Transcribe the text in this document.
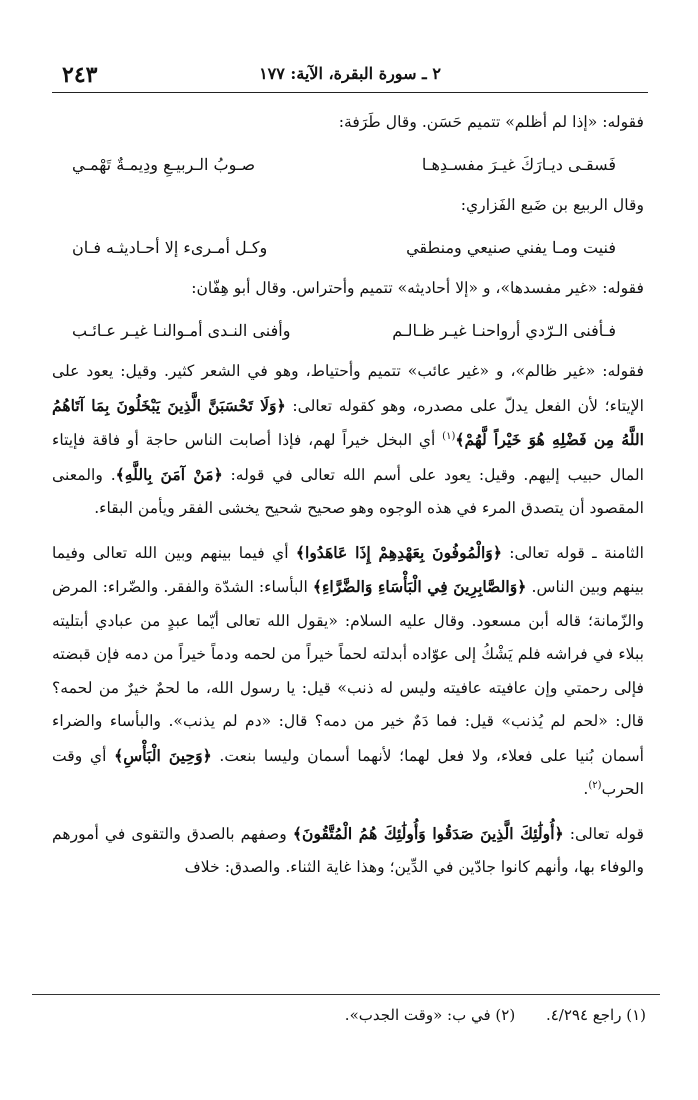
٢ ـ سورة البقرة، الآية: ١٧٧
٢٤٣

فقوله: «إذا لم أظلم» تتميم حَسَن. وقال طَرَفة:

فَسقـى ديـارَكَ غيـرَ مفسـدِهـا
صـوبُ الـربيـعِ ودِيمـةٌ تَهْمـي

وقال الربيع بن ضَبع الفَزاري:

فنيت ومـا يفني صنيعي ومنطقي
وكـل أمـرىء إلا أحـاديثـه فـان

فقوله: «غير مفسدها»، و «إلا أحاديثه» تتميم وأحتراس. وقال أبو هِفّان:

فـأفنى الـرّدي أرواحنـا غيـر ظـالـم
وأفنى النـدى أمـوالنـا غيـر عـائـب

فقوله: «غير ظالم»، و «غير عائب» تتميم وأحتياط، وهو في الشعر كثير. وقيل: يعود على الإيتاء؛ لأن الفعل يدلّ على مصدره، وهو كقوله تعالى: ﴿وَلَا تَحْسَبَنَّ الَّذِينَ يَبْخَلُونَ بِمَا آتَاهُمُ اللَّهُ مِن فَضْلِهِ هُوَ خَيْراً لَّهُمْ﴾$^{(١)}$ أي البخل خيراً لهم، فإذا أصابت الناس حاجة أو فاقة فإيتاء المال حبيب إليهم. وقيل: يعود على أسم الله تعالى في قوله: ﴿مَنْ آمَنَ بِاللَّهِ﴾. والمعنى المقصود أن يتصدق المرء في هذه الوجوه وهو صحيح شحيح يخشى الفقر ويأمن البقاء.

الثامنة ـ قوله تعالى: ﴿وَالْمُوفُونَ بِعَهْدِهِمْ إِذَا عَاهَدُوا﴾ أي فيما بينهم وبين الله تعالى وفيما بينهم وبين الناس. ﴿وَالصَّابِرِينَ فِي الْبَأْسَاءِ وَالضَّرَّاءِ﴾ البأساء: الشدّة والفقر. والضّراء: المرض والزّمانة؛ قاله أبن مسعود. وقال عليه السلام: «يقول الله تعالى أيّما عبدٍ من عبادي أبتليته ببلاء في فراشه فلم يَشْكُ إلى عوّاده أبدلته لحماً خيراً من لحمه ودماً خيراً من دمه فإن قبضته فإلى رحمتي وإن عافيته عافيته وليس له ذنب» قيل: يا رسول الله، ما لحمٌ خيرٌ من لحمه؟ قال: «لحم لم يُذنب» قيل: فما دَمٌ خير من دمه؟ قال: «دم لم يذنب». والبأساء والضراء أسمان بُنيا على فعلاء، ولا فعل لهما؛ لأنهما أسمان وليسا بنعت. ﴿وَحِينَ الْبَأْسِ﴾ أي وقت الحرب$^{(٢)}$.

قوله تعالى: ﴿أُولَٰئِكَ الَّذِينَ صَدَقُوا وَأُولَٰئِكَ هُمُ الْمُتَّقُونَ﴾ وصفهم بالصدق والتقوى في أمورهم والوفاء بها، وأنهم كانوا جادّين في الدِّين؛ وهذا غاية الثناء. والصدق: خلاف

(١) راجع ٤/٢٩٤. (٢) في ب: «وقت الجدب».
